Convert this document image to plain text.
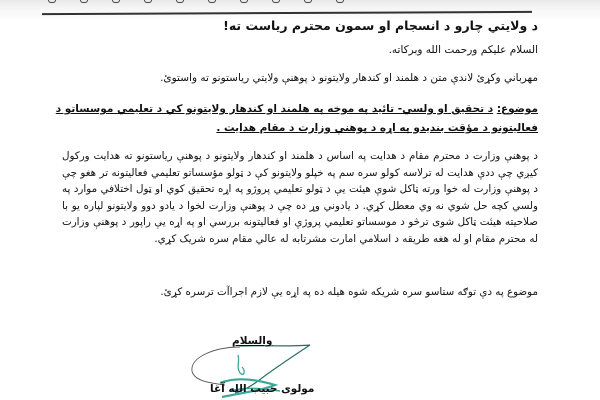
د ولايتي چارو د انسجام او سمون محترم رياست ته!
السلام عليکم ورحمت الله وبرکاته.
مهرباني وکړئ لاندې متن د هلمند او کندهار ولايتونو د پوهنې ولايتي رياستونو ته واستوئ.
موضوع: د تحقيق او ولسي- تائيد په موخه په هلمند او کندهار ولايتونو کي د تعليمي موسساتو د فعاليتونو د مؤقت بنديدو په اړه د پوهنې وزارت د مقام هدايت .
د پوهنې وزارت د محترم مقام د هدايت په اساس د هلمند او کندهار ولايتونو د پوهنې رياستونو ته هدايت ورکول کيږي چې ددې هدايت له ترلاسه کولو سره سم په خپلو ولايتونو کې د ټولو مؤسساتو تعليمي فعاليتونه تر هغو چې د پوهنې وزارت له خوا ورته ټاکل شوې هيئت يې د ټولو تعليمي پروژو په اړه تحقيق کوي او ټول اختلافي موارد په ولسي کچه حل شوي نه وي معطل کړي. د يادوني وړ ده چې د پوهنې وزارت لخوا د يادو دوو ولايتونو لپاره يو با صلاحيته هيئت ټاکل شوی ترڅو د موسساتو تعليمي پروژې او فعاليتونه بررسي او په اړه يې راپور د پوهنې وزارت له محترم مقام او له هغه طريقه د اسلامي امارت مشرتابه له عالي مقام سره شريک کړي.
موضوع په دې توګه ستاسو سره شريکه شوه هيله ده په اړه يې لازم اجراآت ترسره کړئ.
والسلام
مولوی حبيب الله آغا
